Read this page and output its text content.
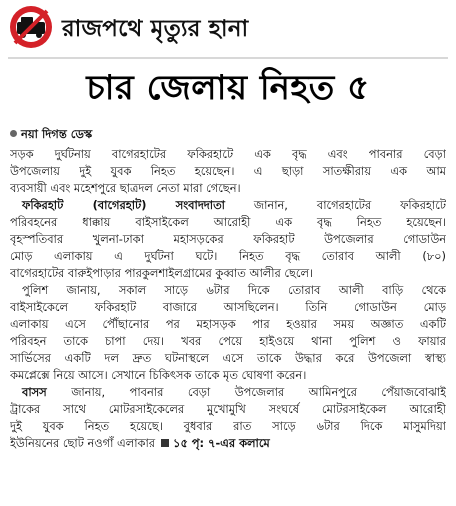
রাজপথে মৃত্যুর হানা
চার জেলায় নিহত ৫
নয়া দিগন্ত ডেস্ক
সড়ক দুর্ঘটনায় বাগেরহাটের ফকিরহাটে এক বৃদ্ধ এবং পাবনার বেড়া
উপজেলায় দুই যুবক নিহত হয়েছেন। এ ছাড়া সাতক্ষীরায় এক আম
ব্যবসায়ী এবং মহেশপুরে ছাত্রদল নেতা মারা গেছেন।
ফকিরহাট (বাগেরহাট) সংবাদদাতা জানান, বাগেরহাটের ফকিরহাটে
পরিবহনের ধাক্কায় বাইসাইকেল আরোহী এক বৃদ্ধ নিহত হয়েছেন।
বৃহস্পতিবার খুলনা-ঢাকা মহাসড়কের ফকিরহাট উপজেলার গোডাউন
মোড় এলাকায় এ দুর্ঘটনা ঘটে। নিহত বৃদ্ধ তোরাব আলী (৮০)
বাগেরহাটের বারুইপাড়ার পারকুলশাইলগ্রামের কুব্বাত আলীর ছেলে।
পুলিশ জানায়, সকাল সাড়ে ৬টার দিকে তোরাব আলী বাড়ি থেকে
বাইসাইকেলে ফকিরহাট বাজারে আসছিলেন। তিনি গোডাউন মোড়
এলাকায় এসে পৌঁছানোর পর মহাসড়ক পার হওয়ার সময় অজ্ঞাত একটি
পরিবহন তাকে চাপা দেয়। খবর পেয়ে হাইওয়ে থানা পুলিশ ও ফায়ার
সার্ভিসের একটি দল দ্রুত ঘটনাস্থলে এসে তাকে উদ্ধার করে উপজেলা স্বাস্থ্য
কমপ্লেক্সে নিয়ে আসে। সেখানে চিকিৎসক তাকে মৃত ঘোষণা করেন।
বাসস জানায়, পাবনার বেড়া উপজেলার আমিনপুরে পেঁয়াজবোঝাই
ট্রাকের সাথে মোটরসাইকেলের মুখোমুখি সংঘর্ষে মোটরসাইকেল আরোহী
দুই যুবক নিহত হয়েছে। বুধবার রাত সাড়ে ৬টার দিকে মাসুমদিয়া
ইউনিয়নের ছোট নওগাঁ এলাকার ১৫ পৃ: ৭-এর কলামে
